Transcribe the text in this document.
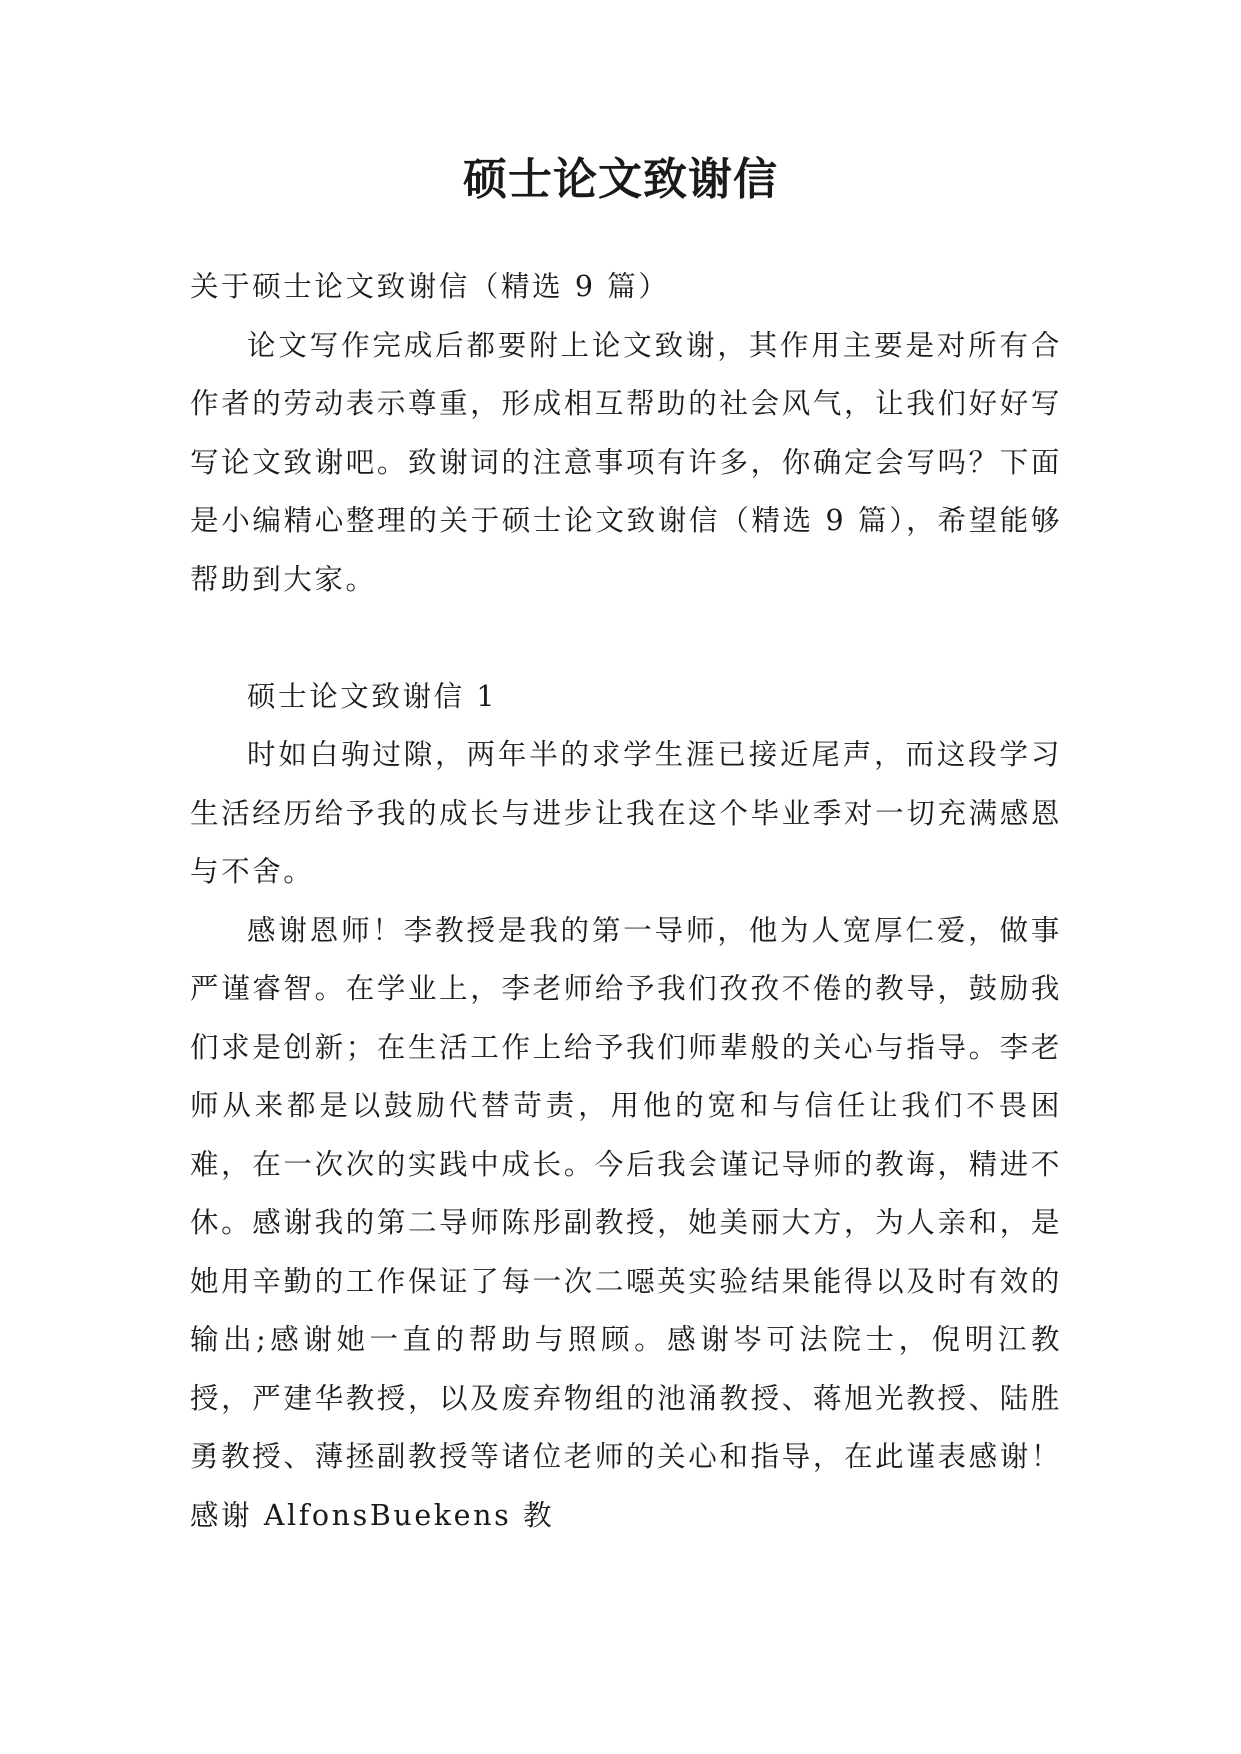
硕士论文致谢信

关于硕士论文致谢信（精选 9 篇）

论文写作完成后都要附上论文致谢，其作用主要是对所有合作者的劳动表示尊重，形成相互帮助的社会风气，让我们好好写写论文致谢吧。致谢词的注意事项有许多，你确定会写吗？下面是小编精心整理的关于硕士论文致谢信（精选 9 篇），希望能够帮助到大家。

硕士论文致谢信 1

时如白驹过隙，两年半的求学生涯已接近尾声，而这段学习生活经历给予我的成长与进步让我在这个毕业季对一切充满感恩与不舍。

感谢恩师！李教授是我的第一导师，他为人宽厚仁爱，做事严谨睿智。在学业上，李老师给予我们孜孜不倦的教导，鼓励我们求是创新；在生活工作上给予我们师辈般的关心与指导。李老师从来都是以鼓励代替苛责，用他的宽和与信任让我们不畏困难，在一次次的实践中成长。今后我会谨记导师的教诲，精进不休。感谢我的第二导师陈彤副教授，她美丽大方，为人亲和，是她用辛勤的工作保证了每一次二噁英实验结果能得以及时有效的输出;感谢她一直的帮助与照顾。感谢岑可法院士，倪明江教授，严建华教授，以及废弃物组的池涌教授、蒋旭光教授、陆胜勇教授、薄拯副教授等诸位老师的关心和指导，在此谨表感谢！感谢 AlfonsBuekens 教
